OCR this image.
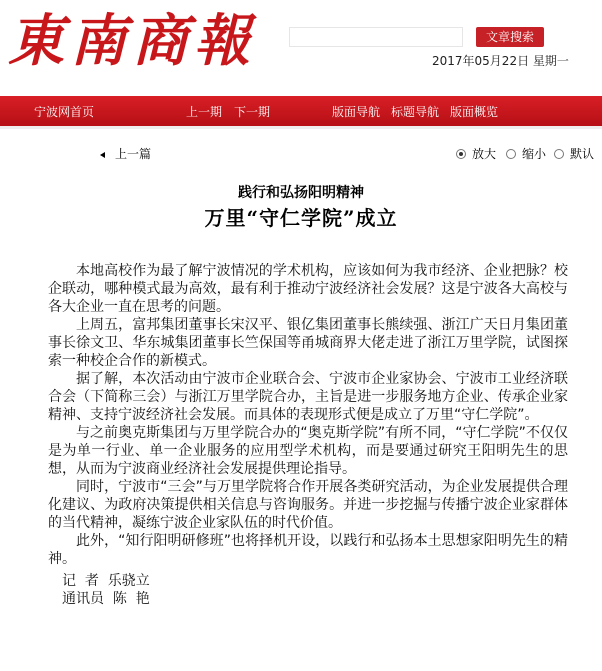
東南商報	文章搜索
2017年05月22日 星期一
宁波网首页	上一期 下一期	版面导航 标题导航 版面概览
上一篇	放大	缩小	默认
践行和弘扬阳明精神
万里“守仁学院”成立

本地高校作为最了解宁波情况的学术机构，应该如何为我市经济、企业把脉？校企联动，哪种模式最为高效，最有利于推动宁波经济社会发展？这是宁波各大高校与各大企业一直在思考的问题。

上周五，富邦集团董事长宋汉平、银亿集团董事长熊续强、浙江广天日月集团董事长徐文卫、华东城集团董事长竺保国等甬城商界大佬走进了浙江万里学院，试图探索一种校企合作的新模式。

据了解，本次活动由宁波市企业联合会、宁波市企业家协会、宁波市工业经济联合会（下简称三会）与浙江万里学院合办，主旨是进一步服务地方企业、传承企业家精神、支持宁波经济社会发展。而具体的表现形式便是成立了万里“守仁学院”。

与之前奥克斯集团与万里学院合办的“奥克斯学院”有所不同，“守仁学院”不仅仅是为单一行业、单一企业服务的应用型学术机构，而是要通过研究王阳明先生的思想，从而为宁波商业经济社会发展提供理论指导。

同时，宁波市“三会”与万里学院将合作开展各类研究活动，为企业发展提供合理化建议、为政府决策提供相关信息与咨询服务。并进一步挖掘与传播宁波企业家群体的当代精神，凝练宁波企业家队伍的时代价值。

此外，“知行阳明研修班”也将择机开设，以践行和弘扬本土思想家阳明先生的精神。

记  者  乐骁立
通讯员  陈  艳
